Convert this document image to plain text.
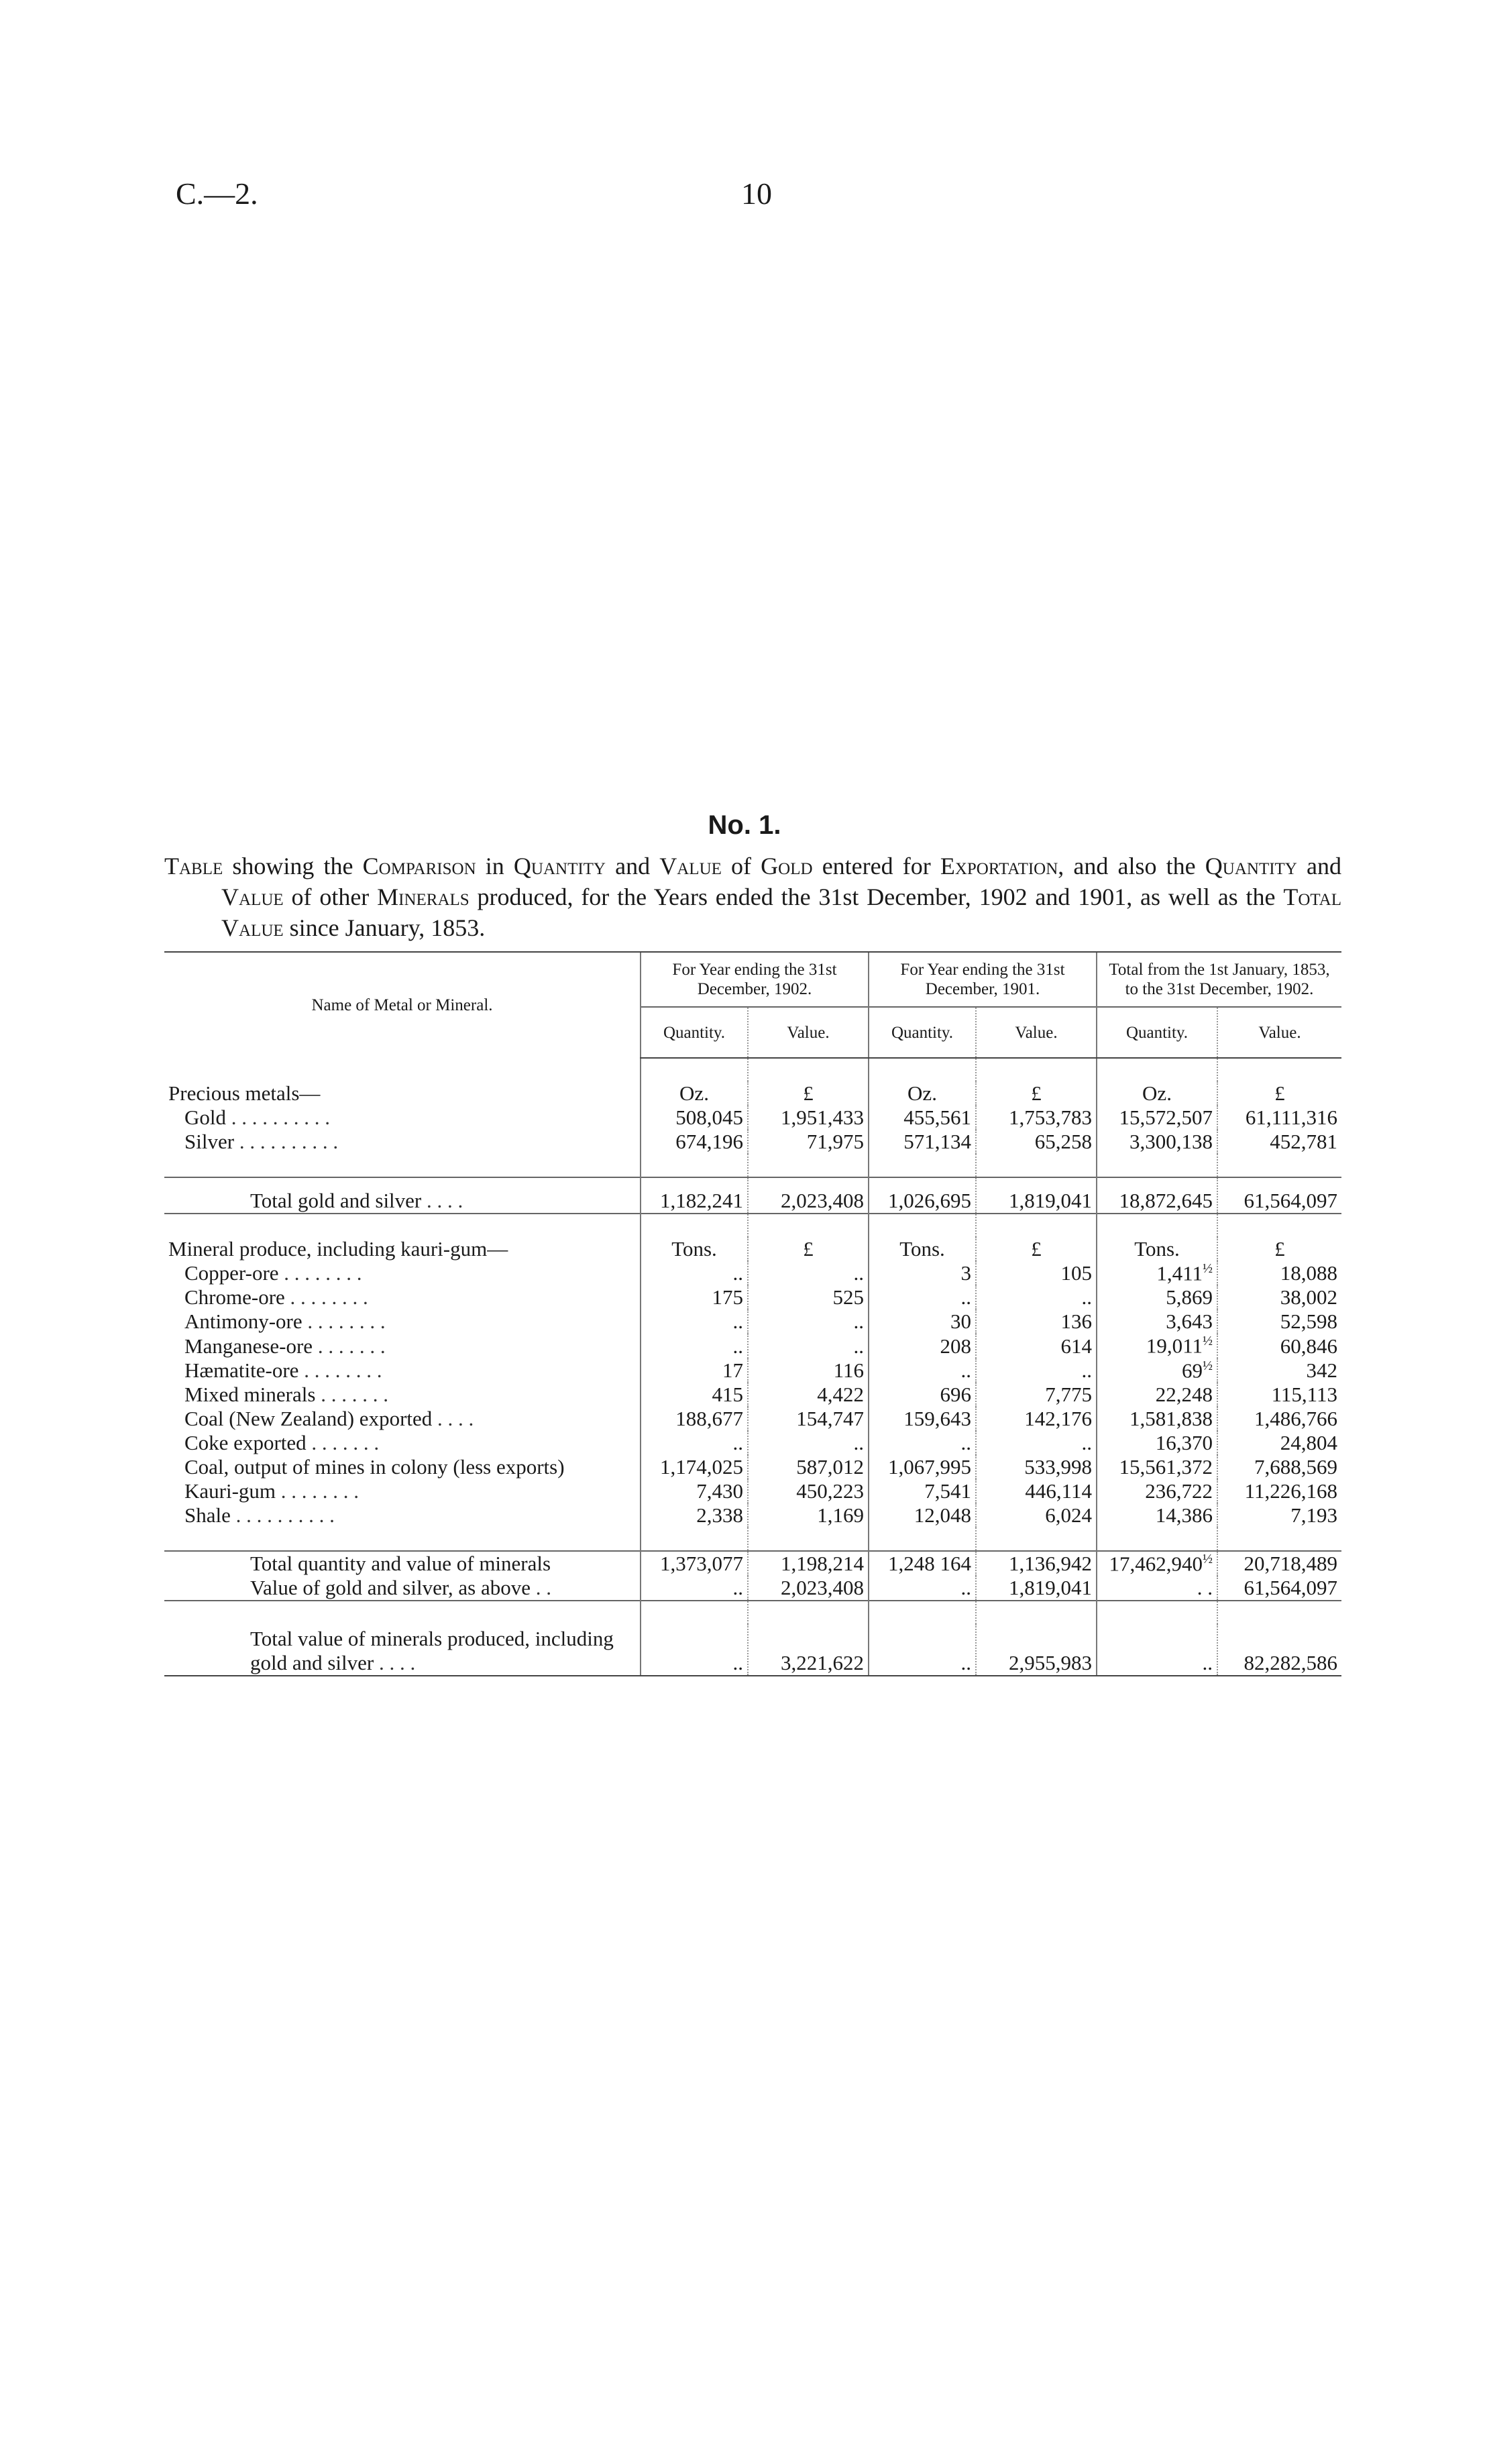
C.—2.	10
No. 1.
Table showing the Comparison in Quantity and Value of Gold entered for Exportation, and also the Quantity and Value of other Minerals produced, for the Years ended the 31st December, 1902 and 1901, as well as the Total Value since January, 1853.
Name of Metal or Mineral.	For Year ending the 31st December, 1902.		For Year ending the 31st December, 1901.		Total from the 1st January, 1853, to the 31st December, 1902.	
	Quantity.	Value.	Quantity.	Value.	Quantity.	Value.

Precious metals—	Oz.	£	Oz.	£	Oz.	£
Gold . . . . . . . . . .	508,045	1,951,433	455,561	1,753,783	15,572,507	61,111,316
Silver . . . . . . . . . .	674,196	71,975	571,134	65,258	3,300,138	452,781

Total gold and silver . . . .	1,182,241	2,023,408	1,026,695	1,819,041	18,872,645	61,564,097

Mineral produce, including kauri-gum—	Tons.	£	Tons.	£	Tons.	£
Copper-ore . . . . . . . .	..	..	3	105	$1,411^{\frac{1}{2}}$	18,088
Chrome-ore . . . . . . . .	175	525	..	..	5,869	38,002
Antimony-ore . . . . . . . .	..	..	30	136	3,643	52,598
Manganese-ore . . . . . . .	..	..	208	614	$19,011^{\frac{1}{2}}$	60,846
Hæmatite-ore . . . . . . . .	17	116	..	..	$69^{\frac{1}{2}}$	342
Mixed minerals . . . . . . .	415	4,422	696	7,775	22,248	115,113
Coal (New Zealand) exported . . . .	188,677	154,747	159,643	142,176	1,581,838	1,486,766
Coke exported . . . . . . .	..	..	..	..	16,370	24,804
Coal, output of mines in colony (less exports)	1,174,025	587,012	1,067,995	533,998	15,561,372	7,688,569
Kauri-gum . . . . . . . .	7,430	450,223	7,541	446,114	236,722	11,226,168
Shale . . . . . . . . . .	2,338	1,169	12,048	6,024	14,386	7,193

Total quantity and value of minerals	1,373,077	1,198,214	1,248 164	1,136,942	$17,462,940^{\frac{1}{2}}$	20,718,489
Value of gold and silver, as above . .	..	2,023,408	..	1,819,041	. .	61,564,097

Total value of minerals produced, including gold and silver . . . .	..	3,221,622	..	2,955,983	..	82,282,586
